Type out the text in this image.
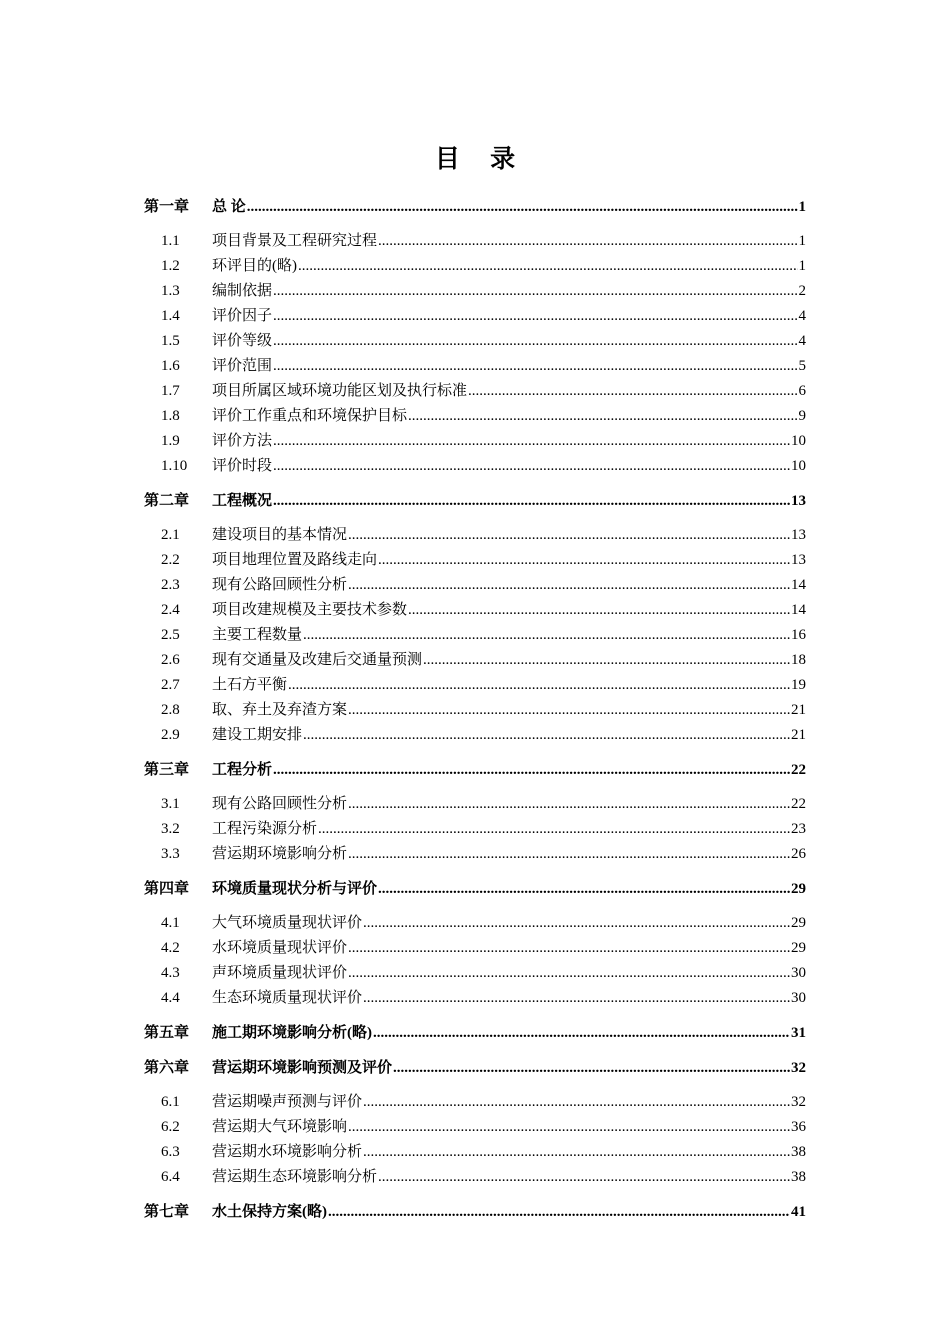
目 录
第一章	总 论 .....	1
1.1	项目背景及工程研究过程 .....	1
1.2	环评目的(略) .....	1
1.3	编制依据 .....	2
1.4	评价因子 .....	4
1.5	评价等级 .....	4
1.6	评价范围 .....	5
1.7	项目所属区域环境功能区划及执行标准 .....	6
1.8	评价工作重点和环境保护目标 .....	9
1.9	评价方法 .....	10
1.10	评价时段 .....	10
第二章	工程概况 .....	13
2.1	建设项目的基本情况 .....	13
2.2	项目地理位置及路线走向 .....	13
2.3	现有公路回顾性分析 .....	14
2.4	项目改建规模及主要技术参数 .....	14
2.5	主要工程数量 .....	16
2.6	现有交通量及改建后交通量预测 .....	18
2.7	土石方平衡 .....	19
2.8	取、弃土及弃渣方案 .....	21
2.9	建设工期安排 .....	21
第三章	工程分析 .....	22
3.1	现有公路回顾性分析 .....	22
3.2	工程污染源分析 .....	23
3.3	营运期环境影响分析 .....	26
第四章	环境质量现状分析与评价 .....	29
4.1	大气环境质量现状评价 .....	29
4.2	水环境质量现状评价 .....	29
4.3	声环境质量现状评价 .....	30
4.4	生态环境质量现状评价 .....	30
第五章	施工期环境影响分析(略) .....	31
第六章	营运期环境影响预测及评价 .....	32
6.1	营运期噪声预测与评价 .....	32
6.2	营运期大气环境影响 .....	36
6.3	营运期水环境影响分析 .....	38
6.4	营运期生态环境影响分析 .....	38
第七章	水土保持方案(略) .....	41
